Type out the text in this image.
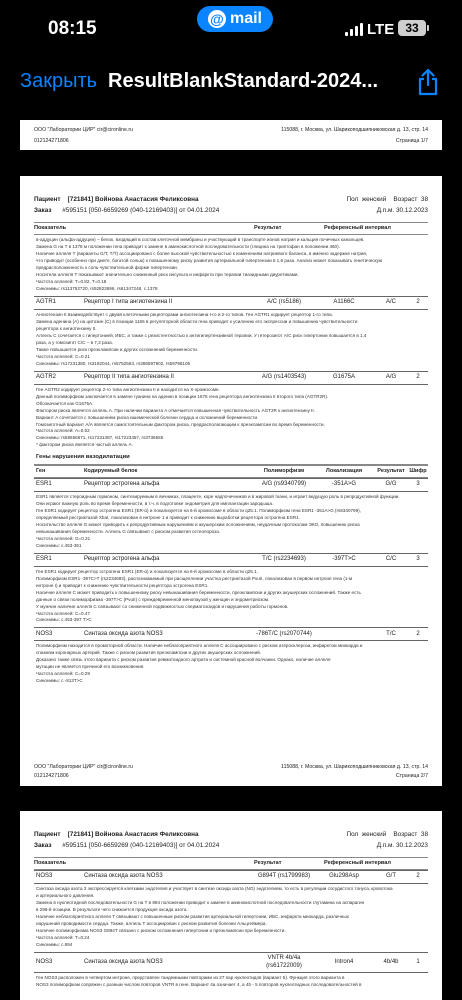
08:15	@ mail
LTE 33
Закрыть ResultBlankStandard-2024...
ООО "Лаборатории ЦИР" cir@cironline.ru
012124271806
115088, г. Москва, ул. Шарикоподшипниковская д. 13, стр. 14
Страница 1/7
Пациент [721841] Войнова Анастасия Феликсовна	Пол женский Возраст 38
Заказ #595151 [050-6659269 (040-12169403)] от 04.01.2024	Д.п.м. 30.12.2023
Показатель	Результат	Референсный интервал

в-аддуцин (альфа-аддуцин) – белок, входящий в состав клеточной мембраны и участвующий в транспорте ионов натрия и кальция почечных канальцев.

Замена G на T в 1378 м положении гена приводит к замене в аминокислотной последовательности (глицина на триптофан в положении 460).

Наличие аллеля T (варианты G/T, T/T) ассоциировано с более высокой чувствительностью к изменениям натриевого баланса, в именно задержке натрия,

что приводит (особенно при диете, богатой солью) к повышенному риску развития артериальной гипертензии в 1,6 раза. Анализ может показывать генетическую

предрасположенность к соль-чувствительной форме гипертензии.

Носители аллеля T показывают значительно сниженный риск инсульта и инфаркта при терапии тиазидными диуретиками.

Частота аллелей: T=0.82, T=0.18

Синонимы: rs113752720, rs52823696, rs61347248, c.1378

AGTR1	Рецептор I типа ангиотензина II	A/C (rs5186)	A1166C	A/C	2

Ангиотензин II взаимодействует с двумя клеточными рецепторами ангиотензина I-го и 2-го типов. Ген AGTR1 кодирует рецептор 1-го типа.

Замена аденина (A) на цитозин (C) в позиции 1166 в регуляторной области гена приводит к усилению его экспрессии и повышению чувствительности

рецептора к ангиотензину II.

Аллель C сочетается с гипертонией, ИБС, а также с резистентностью к антигипертензивной терапии. У гетерозигот A/C риск гипертонии повышается в 1,4

раза, а у гомозигот C/C – в 7,3 раза.

Также повышается риск преэклампсии и других осложнений беременности.

Частота аллелей: C=0.21

Синонимы: rs17231380, rs3192044, rs5752563, rs386597902, rs59798105

AGTR2	Рецептор II типа ангиотензина II	A/G (rs1403543)	G1675A	A/G	2

Ген AGTR2 кодирует рецептор 2-го типа ангиотензина II и находится на X-хромосоме.

Данный полиморфизм заключается в замене гуанина на аденин в позиции 1675 гена рецептора ангиотензина II второго типа (AGTR2R).

Обозначается как G1675A.

Фактором риска является аллель A. При наличии варианта A отмечается повышенная чувствительность AGT2R к ангиотензину II.

Вариант A сочетается с повышением риска ишемической болезни сердца и осложнений беременности.

Гомозиготный вариант A/A является самостоятельным фактором риска, предрасполагающим к преэклампсии во время беременности.

Частота аллелей: A=0.52

Синонимы: rs58556671, rs17231387, rs17223457, rs3736555

* фактором риска является частый аллель A.

Гены нарушения вазодилатации
Ген	Кодируемый белок	Полиморфизм	Локализация	Результат Шифр
ESR1	Рецептор эстрогена альфа	A/G (rs9340799)	-351A>G	G/G	3

ESR1 является стероидным гормоном, синтезируемым в яичниках, плаценте, коре надпочечников и в жировой ткани, и играет ведущую роль в репродуктивной функции.

Они играют важную роль во время беременности, в т.ч. в подготовке эндометрия для имплантации зародыша.

Ген ESR1 кодирует рецептор эстрогена ESR1 (ER-α) и локализуется на 6-й хромосоме в области q25.1. Полиморфизм гена ESR1 -351A>G (rs9340799),

определяемый рестриктазой XbaI, локализован в интроне 1 и приводит к снижению выработки рецептора эстрогена ESR1.

Носительство аллеля G может приводить к репродуктивным нарушениям и акушерским осложнениям, неудачным протоколам ЭКО, повышению риска

невынашивания беременности. Аллель G связывают с риском развития остеопороза.

Частота аллелей: G=0.31

Синонимы: c.453-351

ESR1	Рецептор эстрогена альфа	T/C (rs2234693)	-397T>C	C/C	3

Ген ESR1 кодирует рецептор эстрогена ESR1 (ER-α) и локализуется на 6-й хромосоме в области q25.1.

Полиморфизм ESR1 -397C>T (rs2234693), распознаваемый при расщеплении участка рестриктазой PvuII, локализован в первом интроне гена (1-м

интроне I) и приводит к снижению чувствительности рецептора эстрогена ESR1.

Наличие аллеля C может приводить к повышенному риску невынашивания беременности, преэклампсии и других акушерских осложнений. Также есть

данные о связи полиморфизма -397T>C (PvuII) с преждевременной менопаузой у женщин и эндометриозом.

У мужчин наличие аллеля C связывают со сниженной подвижностью сперматозоидов и нарушения работы гормонов.

Частота аллелей: C=0.47

Синонимы: c.453-397 T>C

NOS3	Синтаза оксида азота NOS3	-786T/C (rs2070744)	T/C	2

Полиморфизм находится в промоторной области. Наличие неблагоприятного аллеля C ассоциировано с риском атеросклероза, инфарктом миокарда и

спазмом коронарных артерий. Также с риском развития преэклампсии и других акушерских осложнений.

Доказано также связь этого варианта с риском развития ревматоидного артрита и системной красной волчанки. Однако, наличие аллеля

мутации не является причиной его возникновения.

Частота аллелей: C=0.29

Синонимы: c.-813T>C

ООО "Лаборатории ЦИР" cir@cironline.ru
012124271806
115088, г. Москва, ул. Шарикоподшипниковская д. 13, стр. 14
Страница 2/7
Пациент [721841] Войнова Анастасия Феликсовна	Пол женский Возраст 38
Заказ #595151 [050-6659269 (040-12169403)] от 04.01.2024	Д.п.м. 30.12.2023
Показатель	Результат	Референсный интервал
NOS3	Синтаза оксида азота NOS3	G894T (rs1799983)	Glu298Asp	G/T	2

Синтаза оксида азота 3 экспрессируется клетками эндотелия и участвует в синтезе оксида азота (NO) эндотелием, то есть в регуляции сосудистого тонуса, кровотока

и артериального давления.

Замена в нуклеотидной последовательности G на T в 894 положении приводит к замене в аминокислотной последовательности глутамина на аспарагин

в 298-й позиции. В результате чего снижается продукция оксида азота.

Наличие неблагоприятного аллеля T связывают с повышенным риском развития артериальной гипертонии, ИБС, инфаркта миокарда, различных

нарушений проводимости сердца. Также, аллель T ассоциирован с риском развития болезни Альцгеймера.

Наличие полиморфизма NOS3 G894T связано с риском осложнения гипертонии и преэклампсии при беременности.

Частота аллелей: T=0.24

Синонимы: c.894

NOS3	Синтаза оксида азота NOS3
VNTR 4b/4a (rs61722009)
Intron4	4b/4b	1

Ген NOS3 расположен в четвертом интроне, представлен тандемными повторами из 27 пар нуклеотидов (вариант 5). Функция этого варианта в

NOS3 полиморфизм сопряжен с разным числом повторов VNTR в гене. Вариант 4а означает 4, а 4b - 5 повторов нуклеотидных последовательностей в
